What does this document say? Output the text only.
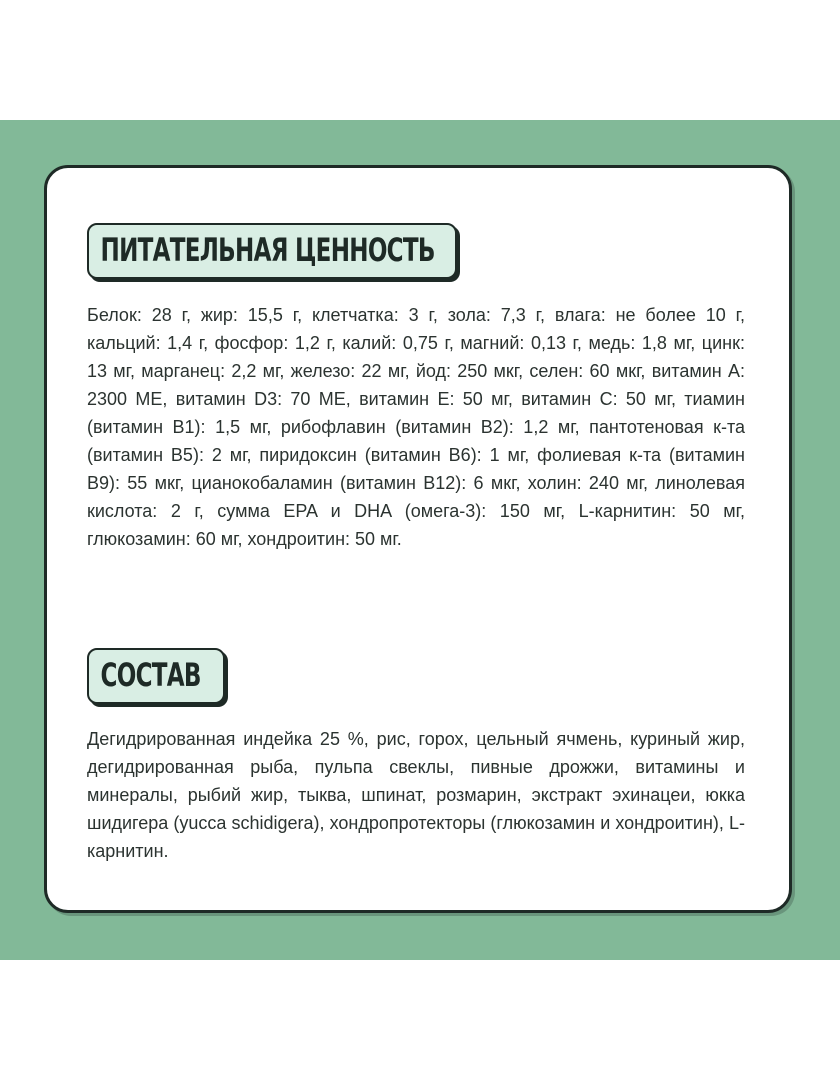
ПИТАТЕЛЬНАЯ ЦЕННОСТЬ

Белок: 28 г, жир: 15,5 г, клетчатка: 3 г, зола: 7,3 г, влага: не более 10 г, кальций: 1,4 г, фосфор: 1,2 г, калий: 0,75 г, магний: 0,13 г, медь: 1,8 мг, цинк: 13 мг, марганец: 2,2 мг, железо: 22 мг, йод: 250 мкг, селен: 60 мкг, витамин А: 2300 МЕ, витамин D3: 70 МЕ, витамин Е: 50 мг, витамин С: 50 мг, тиамин (витамин В1): 1,5 мг, рибофлавин (витамин В2): 1,2 мг, пантотеновая к-та (витамин В5): 2 мг, пиридоксин (витамин В6): 1 мг, фолиевая к-та (витамин В9): 55 мкг, цианокобаламин (витамин В12): 6 мкг, холин: 240 мг, линолевая кислота: 2 г, сумма EPA и DHA (омега-3): 150 мг, L-карнитин: 50 мг, глюкозамин: 60 мг, хондроитин: 50 мг.

СОСТАВ

Дегидрированная индейка 25 %, рис, горох, цельный ячмень, куриный жир, дегидрированная рыба, пульпа свеклы, пивные дрожжи, витамины и минералы, рыбий жир, тыква, шпинат, розмарин, экстракт эхинацеи, юкка шидигера (yucca schidigera), хондропротекторы (глюкозамин и хондроитин), L-карнитин.
